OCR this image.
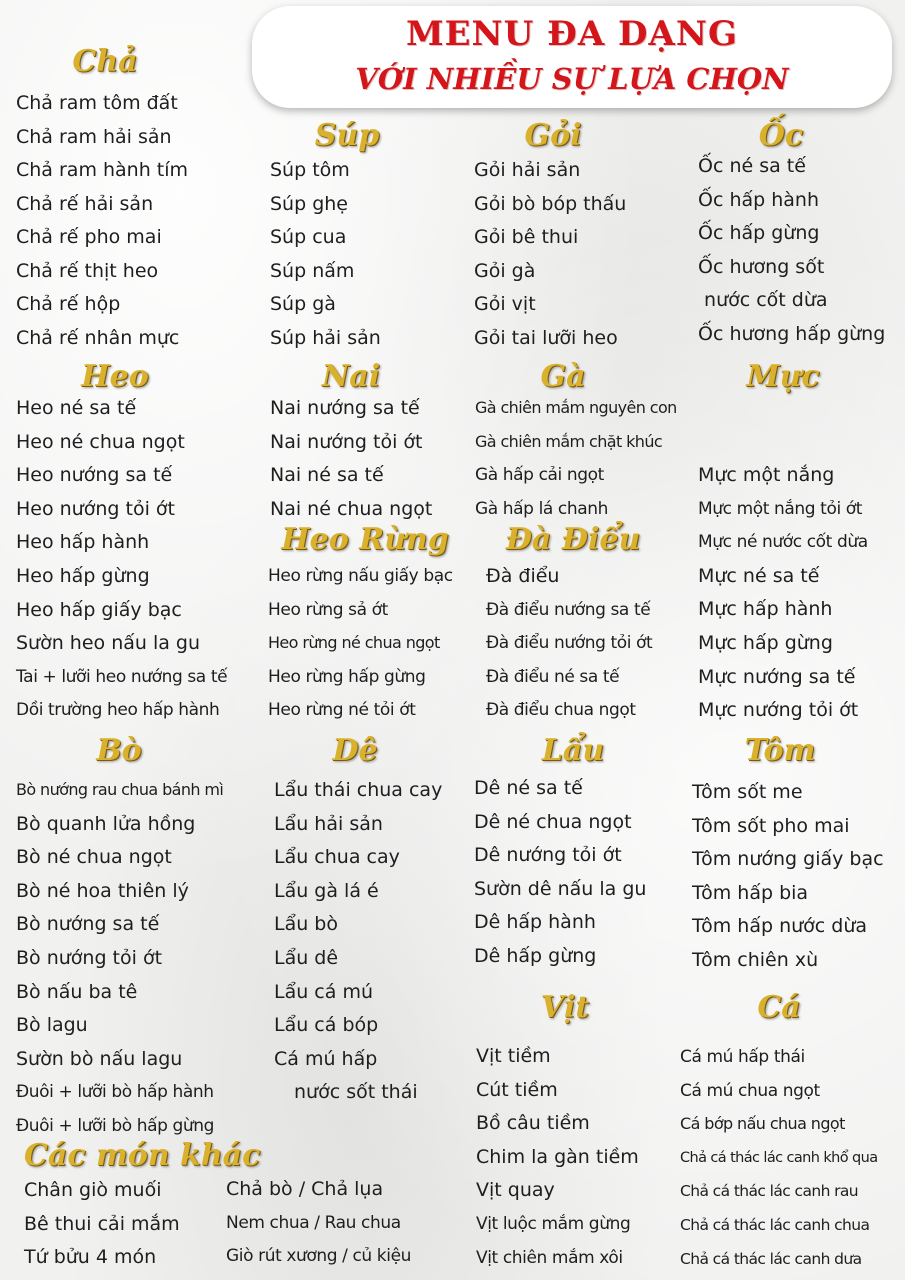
MENU ĐA DẠNG
VỚI NHIỀU SỰ LỰA CHỌN
Chả
Súp	Gỏi	Ốc
Heo	Nai	Gà	Mực
Heo Rừng	Đà Điểu
Bò	Dê	Lẩu	Tôm
Vịt	Cá
Các món khác
Chả ram tôm đất
Chả ram hải sản
Chả ram hành tím
Chả rế hải sản
Chả rế pho mai
Chả rế thịt heo
Chả rế hộp
Chả rế nhân mực
Súp tôm
Súp ghẹ
Súp cua
Súp nấm
Súp gà
Súp hải sản
Gỏi hải sản
Gỏi bò bóp thấu
Gỏi bê thui
Gỏi gà
Gỏi vịt
Gỏi tai lưỡi heo
Ốc né sa tế
Ốc hấp hành
Ốc hấp gừng
Ốc hương sốt
nước cốt dừa
Ốc hương hấp gừng
Heo né sa tế
Heo né chua ngọt
Heo nướng sa tế
Heo nướng tỏi ớt
Heo hấp hành
Heo hấp gừng
Heo hấp giấy bạc
Sườn heo nấu la gu
Tai + lưỡi heo nướng sa tế
Dồi trường heo hấp hành
Nai nướng sa tế
Nai nướng tỏi ớt
Nai né sa tế
Nai né chua ngọt
Gà chiên mắm nguyên con
Gà chiên mắm chặt khúc
Gà hấp cải ngọt
Gà hấp lá chanh
Mực một nắng
Mực một nắng tỏi ớt
Mực né nước cốt dừa
Mực né sa tế
Mực hấp hành
Mực hấp gừng
Mực nướng sa tế
Mực nướng tỏi ớt
Heo rừng nấu giấy bạc
Heo rừng sả ớt
Heo rừng né chua ngọt
Heo rừng hấp gừng
Heo rừng né tỏi ớt
Đà điểu
Đà điểu nướng sa tế
Đà điểu nướng tỏi ớt
Đà điểu né sa tế
Đà điểu chua ngọt
Bò nướng rau chua bánh mì
Bò quanh lửa hồng
Bò né chua ngọt
Bò né hoa thiên lý
Bò nướng sa tế
Bò nướng tỏi ớt
Bò nấu ba tê
Bò lagu
Sườn bò nấu lagu
Đuôi + lưỡi bò hấp hành
Đuôi + lưỡi bò hấp gừng
Lẩu thái chua cay
Lẩu hải sản
Lẩu chua cay
Lẩu gà lá é
Lẩu bò
Lẩu dê
Lẩu cá mú
Lẩu cá bóp
Cá mú hấp
nước sốt thái
Dê né sa tế
Dê né chua ngọt
Dê nướng tỏi ớt
Sườn dê nấu la gu
Dê hấp hành
Dê hấp gừng
Tôm sốt me
Tôm sốt pho mai
Tôm nướng giấy bạc
Tôm hấp bia
Tôm hấp nước dừa
Tôm chiên xù
Vịt tiềm
Cút tiềm
Bồ câu tiềm
Chim la gàn tiềm
Vịt quay
Vịt luộc mắm gừng
Vịt chiên mắm xôi
Cá mú hấp thái
Cá mú chua ngọt
Cá bớp nấu chua ngọt
Chả cá thác lác canh khổ qua
Chả cá thác lác canh rau
Chả cá thác lác canh chua
Chả cá thác lác canh dưa
Chân giò muối
Bê thui cải mắm
Tứ bửu 4 món
Chả bò / Chả lụa
Nem chua / Rau chua
Giò rút xương / củ kiệu
